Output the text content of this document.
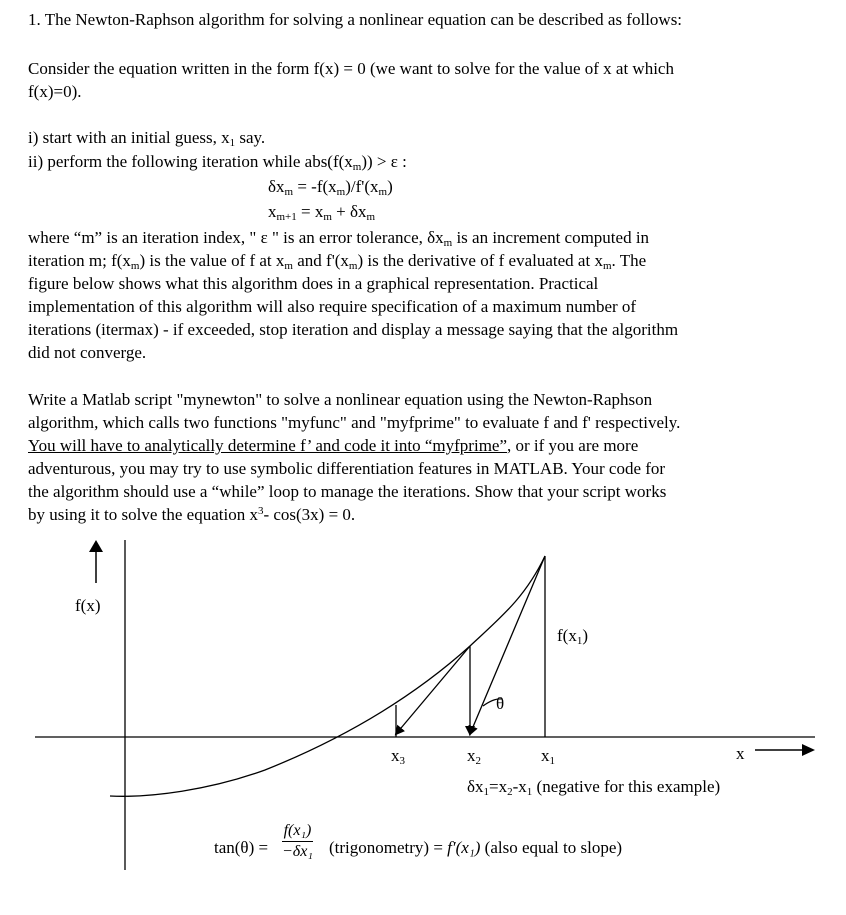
1. The Newton-Raphson algorithm for solving a nonlinear equation can be described as follows:
Consider the equation written in the form f(x) = 0 (we want to solve for the value of x at which
f(x)=0).
i) start with an initial guess, $x_1$ say.
ii) perform the following iteration while $abs(f(x_m)) > \varepsilon$ :
$\delta x_m = -f(x_m)/f'(x_m)$
$x_{m+1} = x_m + \delta x_m$
where “m” is an iteration index, " ε " is an error tolerance, $\delta x_m$ is an increment computed in
iteration m; $f(x_m)$ is the value of f at $x_m$ and $f'(x_m)$ is the derivative of f evaluated at $x_m$. The
figure below shows what this algorithm does in a graphical representation. Practical
implementation of this algorithm will also require specification of a maximum number of
iterations (itermax) - if exceeded, stop iteration and display a message saying that the algorithm
did not converge.
Write a Matlab script "mynewton" to solve a nonlinear equation using the Newton-Raphson
algorithm, which calls two functions "myfunc" and "myfprime" to evaluate f and f' respectively.
You will have to analytically determine f’ and code it into “myfprime”, or if you are more
adventurous, you may try to use symbolic differentiation features in MATLAB. Your code for
the algorithm should use a “while” loop to manage the iterations. Show that your script works
by using it to solve the equation $x^3-$ cos(3x) = 0.
f(x)
$f(x_1)$
θ
$x_3$	$x_2$	$x_1$	x
$\delta x_1=x_2-x_1$ (negative for this example)
tan(θ) =
f(x₁)
−δx₁ (trigonometry) = f′(x₁) (also equal to slope)
